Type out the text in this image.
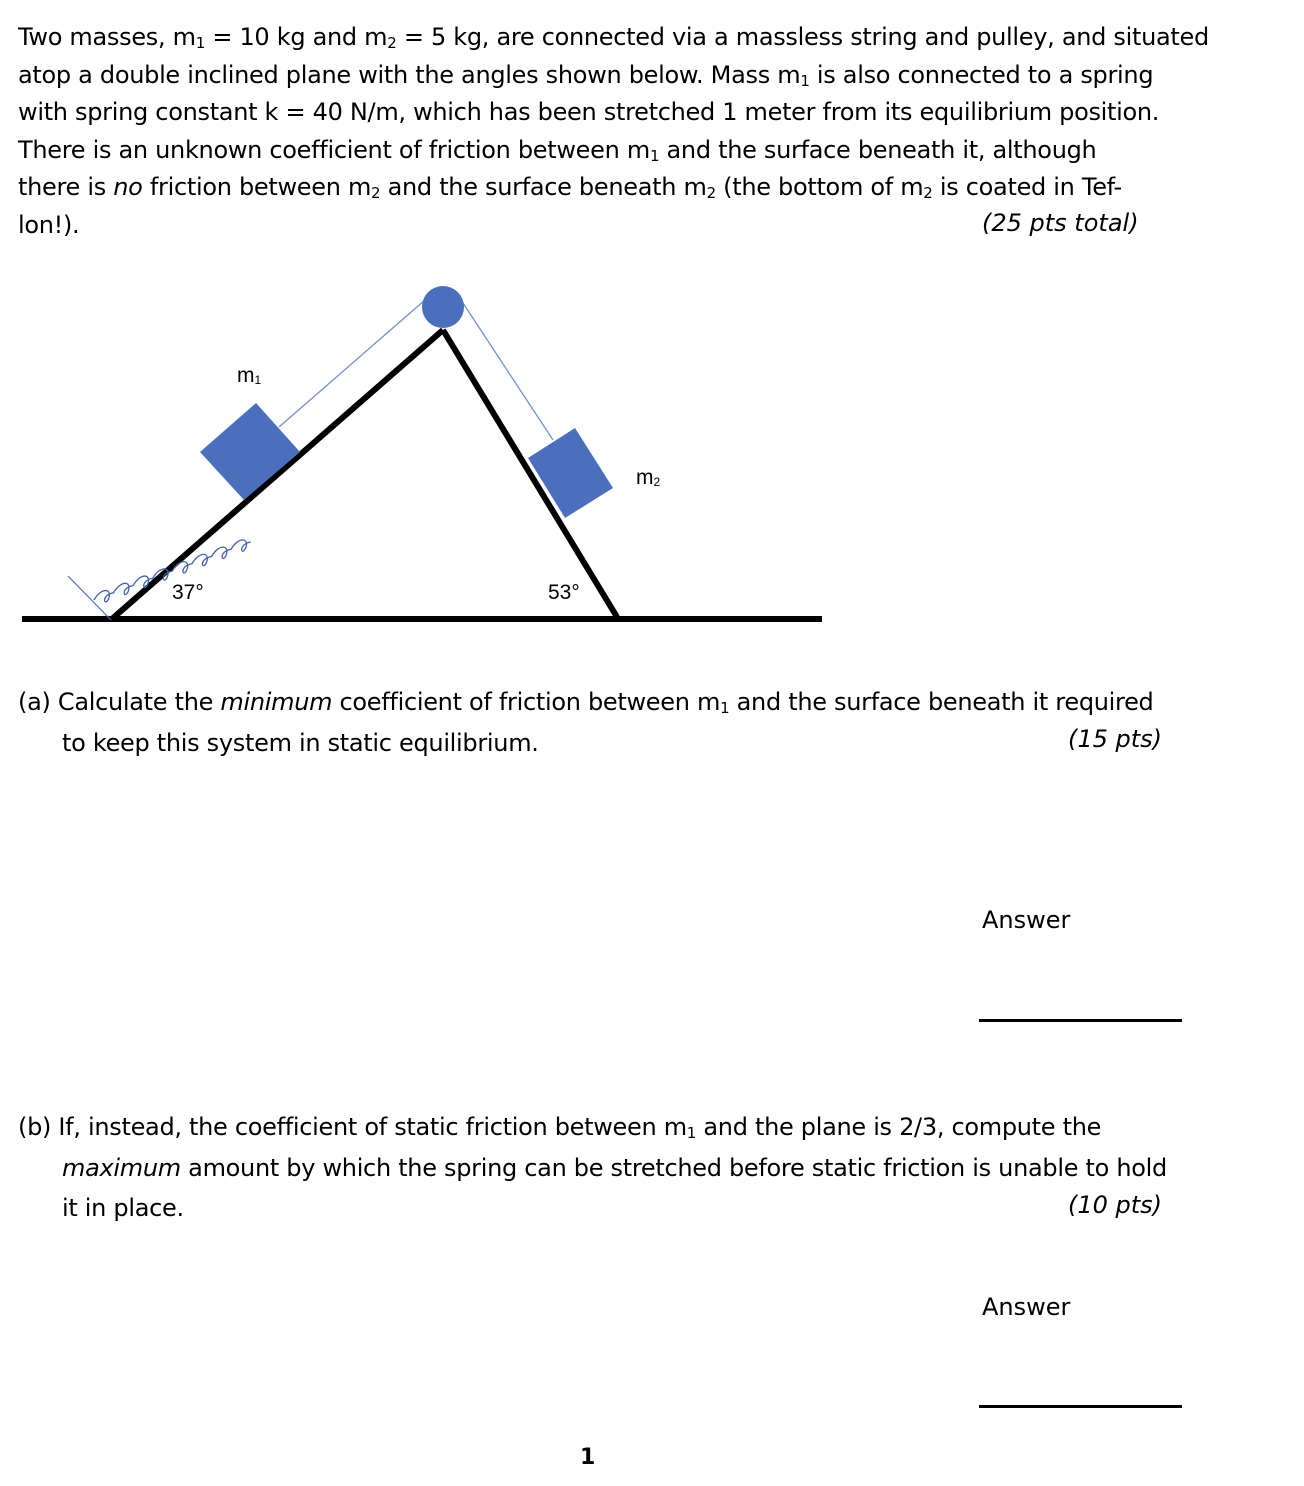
Two masses, $m_1 = 10$ kg and $m_2 = 5$ kg, are connected via a massless string and pulley, and situated
atop a double inclined plane with the angles shown below. Mass $m_1$ is also connected to a spring
with spring constant k = 40 N/m, which has been stretched 1 meter from its equilibrium position.
There is an unknown coefficient of friction between $m_1$ and the surface beneath it, although
there is no friction between $m_2$ and the surface beneath $m_2$ (the bottom of $m_2$ is coated in Tef-
lon!).	(25 pts total)
m1
m2
37°	53°
(a) Calculate the minimum coefficient of friction between $m_1$ and the surface beneath it required
to keep this system in static equilibrium.	(15 pts)
Answer
(b) If, instead, the coefficient of static friction between $m_1$ and the plane is 2/3, compute the
maximum amount by which the spring can be stretched before static friction is unable to hold
it in place.	(10 pts)
Answer
1
